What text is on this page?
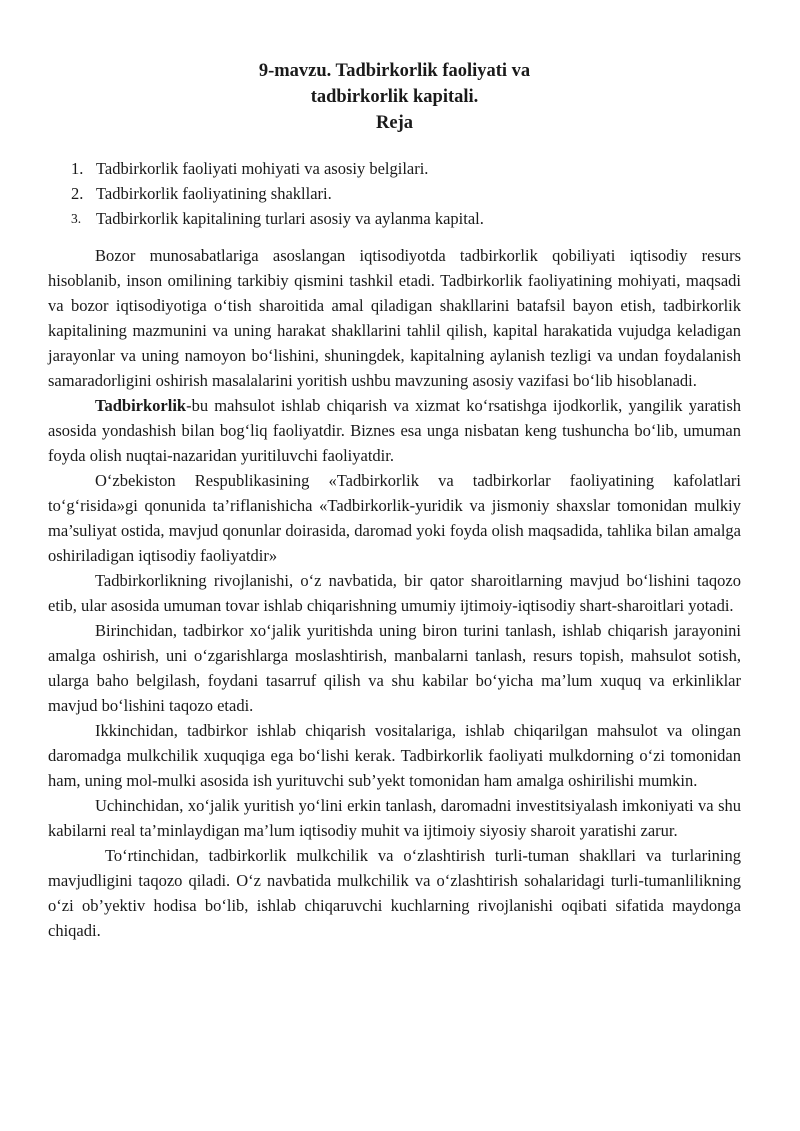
9-mavzu. Tadbirkorlik faoliyati va
tadbirkorlik kapitali.
Reja
1. Tadbirkorlik faoliyati mohiyati va asosiy belgilari.
2. Tadbirkorlik faoliyatining shakllari.
3. Tadbirkorlik kapitalining turlari asosiy va aylanma kapital.

Bozor munosabatlariga asoslangan iqtisodiyotda tadbirkorlik qobiliyati iqtisodiy resurs hisoblanib, inson omilining tarkibiy qismini tashkil etadi. Tadbirkorlik faoliyatining mohiyati, maqsadi va bozor iqtisodiyotiga o‘tish sharoitida amal qiladigan shakllarini batafsil bayon etish, tadbirkorlik kapitalining mazmunini va uning harakat shakllarini tahlil qilish, kapital harakatida vujudga keladigan jarayonlar va uning namoyon bo‘lishini, shuningdek, kapitalning aylanish tezligi va undan foydalanish samaradorligini oshirish masalalarini yoritish ushbu mavzuning asosiy vazifasi bo‘lib hisoblanadi.

Tadbirkorlik-bu mahsulot ishlab chiqarish va xizmat ko‘rsatishga ijodkorlik, yangilik yaratish asosida yondashish bilan bog‘liq faoliyatdir. Biznes esa unga nisbatan keng tushuncha bo‘lib, umuman foyda olish nuqtai-nazaridan yuritiluvchi faoliyatdir.

O‘zbekiston Respublikasining «Tadbirkorlik va tadbirkorlar faoliyatining kafolatlari to‘g‘risida»gi qonunida ta’riflanishicha «Tadbirkorlik-yuridik va jismoniy shaxslar tomonidan mulkiy ma’suliyat ostida, mavjud qonunlar doirasida, daromad yoki foyda olish maqsadida, tahlika bilan amalga oshiriladigan iqtisodiy faoliyatdir»

Tadbirkorlikning rivojlanishi, o‘z navbatida, bir qator sharoitlarning mavjud bo‘lishini taqozo etib, ular asosida umuman tovar ishlab chiqarishning umumiy ijtimoiy-iqtisodiy shart-sharoitlari yotadi.

Birinchidan, tadbirkor xo‘jalik yuritishda uning biron turini tanlash, ishlab chiqarish jarayonini amalga oshirish, uni o‘zgarishlarga moslashtirish, manbalarni tanlash, resurs topish, mahsulot sotish, ularga baho belgilash, foydani tasarruf qilish va shu kabilar bo‘yicha ma’lum xuquq va erkinliklar mavjud bo‘lishini taqozo etadi.

Ikkinchidan, tadbirkor ishlab chiqarish vositalariga, ishlab chiqarilgan mahsulot va olingan daromadga mulkchilik xuquqiga ega bo‘lishi kerak. Tadbirkorlik faoliyati mulkdorning o‘zi tomonidan ham, uning mol-mulki asosida ish yurituvchi sub’yekt tomonidan ham amalga oshirilishi mumkin.

Uchinchidan, xo‘jalik yuritish yo‘lini erkin tanlash, daromadni investitsiyalash imkoniyati va shu kabilarni real ta’minlaydigan ma’lum iqtisodiy muhit va ijtimoiy siyosiy sharoit yaratishi zarur.

To‘rtinchidan, tadbirkorlik mulkchilik va o‘zlashtirish turli-tuman shakllari va turlarining mavjudligini taqozo qiladi. O‘z navbatida mulkchilik va o‘zlashtirish sohalaridagi turli-tumanlilikning o‘zi ob’yektiv hodisa bo‘lib, ishlab chiqaruvchi kuchlarning rivojlanishi oqibati sifatida maydonga chiqadi.
